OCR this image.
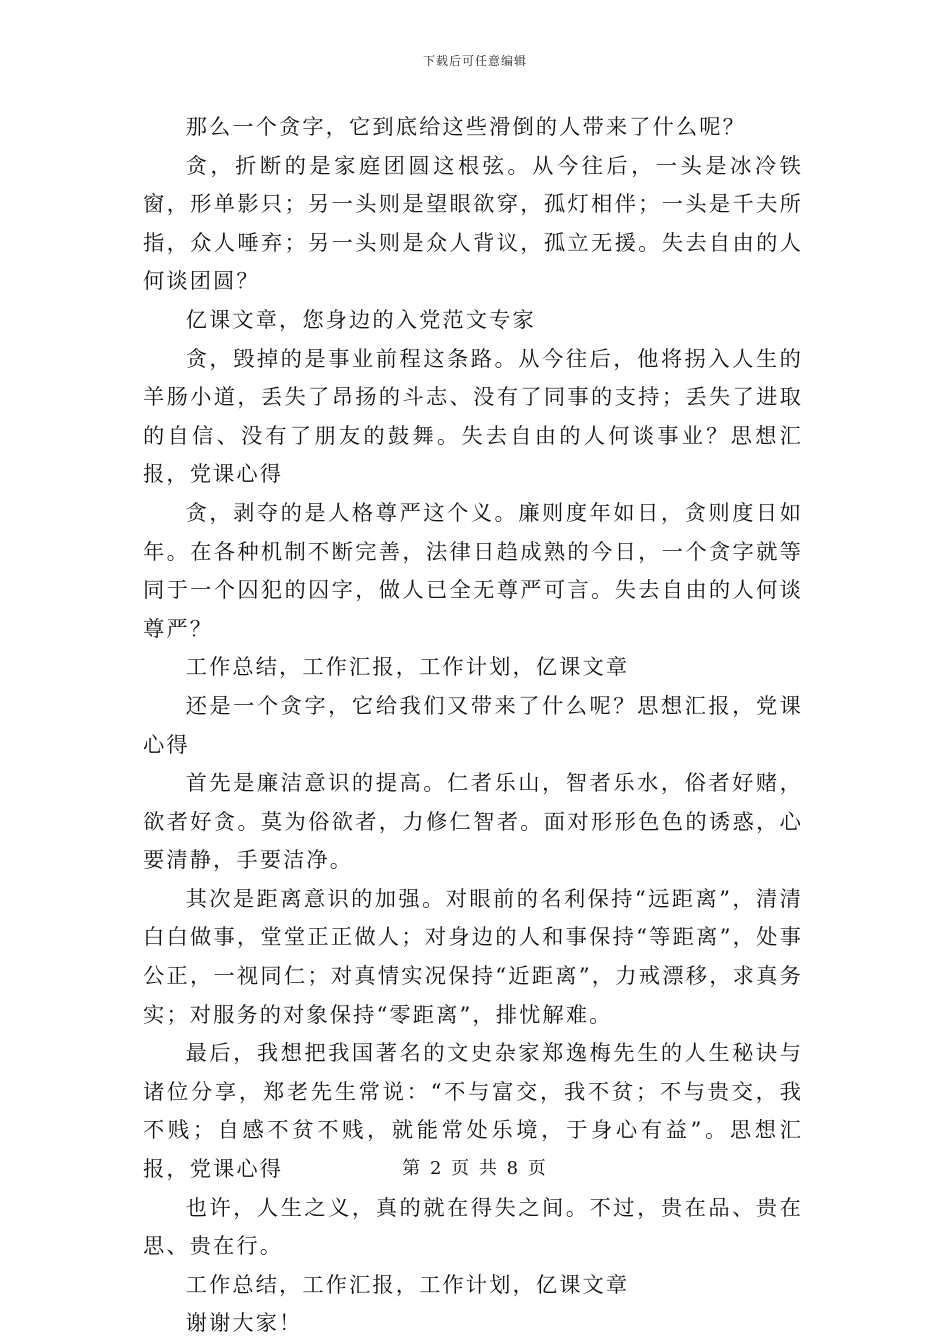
下载后可任意编辑

那么一个贪字，它到底给这些滑倒的人带来了什么呢？

贪，折断的是家庭团圆这根弦。从今往后，一头是冰冷铁窗，形单影只；另一头则是望眼欲穿，孤灯相伴；一头是千夫所指，众人唾弃；另一头则是众人背议，孤立无援。失去自由的人何谈团圆？

亿课文章，您身边的入党范文专家

贪，毁掉的是事业前程这条路。从今往后，他将拐入人生的羊肠小道，丢失了昂扬的斗志、没有了同事的支持；丢失了进取的自信、没有了朋友的鼓舞。失去自由的人何谈事业？思想汇报，党课心得

贪，剥夺的是人格尊严这个义。廉则度年如日，贪则度日如年。在各种机制不断完善，法律日趋成熟的今日，一个贪字就等同于一个囚犯的囚字，做人已全无尊严可言。失去自由的人何谈尊严？

工作总结，工作汇报，工作计划，亿课文章

还是一个贪字，它给我们又带来了什么呢？思想汇报，党课心得

首先是廉洁意识的提高。仁者乐山，智者乐水，俗者好赌，欲者好贪。莫为俗欲者，力修仁智者。面对形形色色的诱惑，心要清静，手要洁净。

其次是距离意识的加强。对眼前的名利保持“远距离”，清清白白做事，堂堂正正做人；对身边的人和事保持“等距离”，处事公正，一视同仁；对真情实况保持“近距离”，力戒漂移，求真务实；对服务的对象保持“零距离”，排忧解难。

最后，我想把我国著名的文史杂家郑逸梅先生的人生秘诀与诸位分享，郑老先生常说：“不与富交，我不贫；不与贵交，我不贱；自感不贫不贱，就能常处乐境，于身心有益”。思想汇报，党课心得

也许，人生之义，真的就在得失之间。不过，贵在品、贵在思、贵在行。

工作总结，工作汇报，工作计划，亿课文章

谢谢大家！

第 2 页 共 8 页
